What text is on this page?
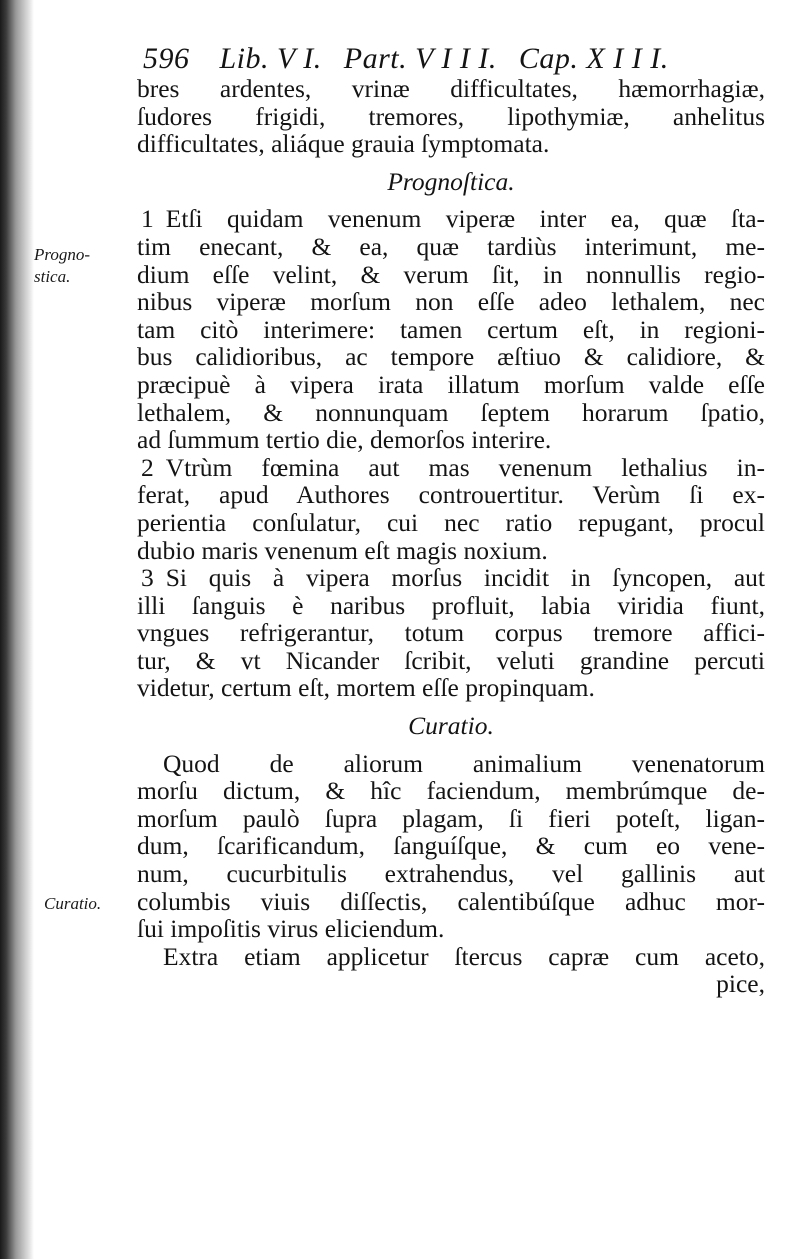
596 Lib. V I. Part. V I I I. Cap. X I I I.
Progno-
stica.
Curatio.
bres ardentes, vrinæ difficultates, hæmorrhagiæ,
ſudores frigidi, tremores, lipothymiæ, anhelitus
difficultates, aliáque grauia ſymptomata.
Prognoſtica.
1 Etſi quidam venenum viperæ inter ea, quæ ſta-
tim enecant, & ea, quæ tardiùs interimunt, me-
dium eſſe velint, & verum ſit, in nonnullis regio-
nibus viperæ morſum non eſſe adeo lethalem, nec
tam citò interimere: tamen certum eſt, in regioni-
bus calidioribus, ac tempore æſtiuo & calidiore, &
præcipuè à vipera irata illatum morſum valde eſſe
lethalem, & nonnunquam ſeptem horarum ſpatio,
ad ſummum tertio die, demorſos interire.
2 Vtrùm fœmina aut mas venenum lethalius in-
ferat, apud Authores controuertitur. Verùm ſi ex-
perientia conſulatur, cui nec ratio repugant, procul
dubio maris venenum eſt magis noxium.
3 Si quis à vipera morſus incidit in ſyncopen, aut
illi ſanguis è naribus profluit, labia viridia fiunt,
vngues refrigerantur, totum corpus tremore affici-
tur, & vt Nicander ſcribit, veluti grandine percuti
videtur, certum eſt, mortem eſſe propinquam.
Curatio.
Quod de aliorum animalium venenatorum
morſu dictum, & hîc faciendum, membrúmque de-
morſum paulò ſupra plagam, ſi fieri poteſt, ligan-
dum, ſcarificandum, ſanguíſque, & cum eo vene-
num, cucurbitulis extrahendus, vel gallinis aut
columbis viuis diſſectis, calentibúſque adhuc mor-
ſui impoſitis virus eliciendum.
Extra etiam applicetur ſtercus capræ cum aceto,
pice,
